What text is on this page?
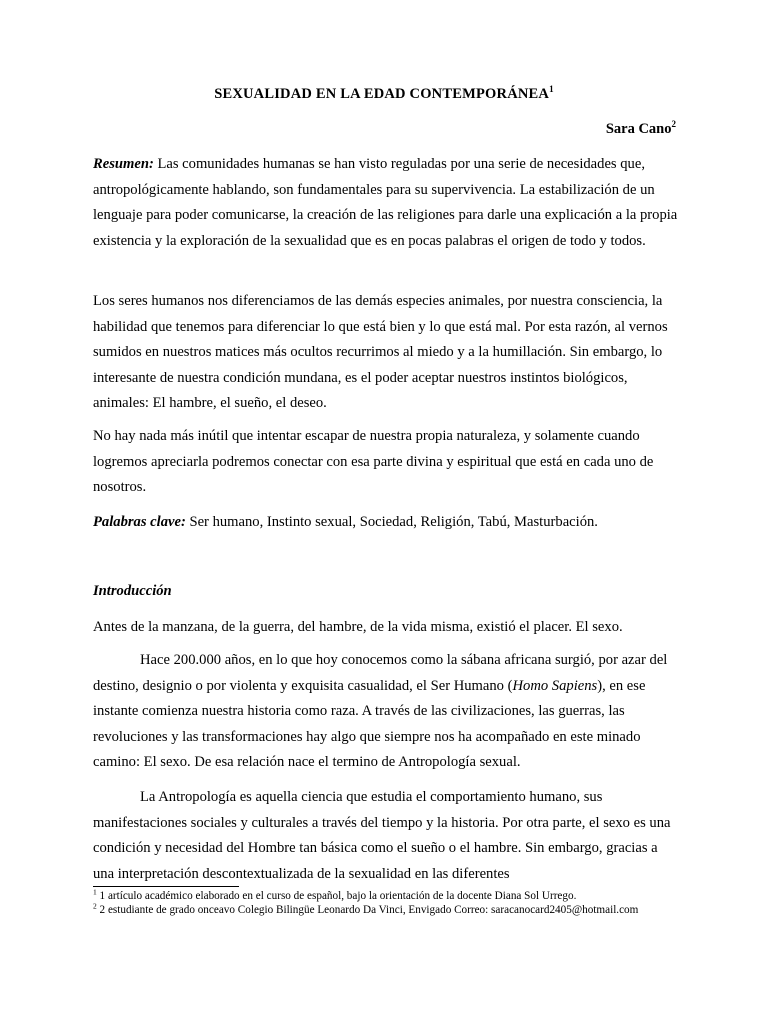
SEXUALIDAD EN LA EDAD CONTEMPORÁNEA$^1$
Sara Cano$^2$

Resumen: Las comunidades humanas se han visto reguladas por una serie de necesidades que, antropológicamente hablando, son fundamentales para su supervivencia. La estabilización de un lenguaje para poder comunicarse, la creación de las religiones para darle una explicación a la propia existencia y la exploración de la sexualidad que es en pocas palabras el origen de todo y todos.

Los seres humanos nos diferenciamos de las demás especies animales, por nuestra consciencia, la habilidad que tenemos para diferenciar lo que está bien y lo que está mal. Por esta razón, al vernos sumidos en nuestros matices más ocultos recurrimos al miedo y a la humillación. Sin embargo, lo interesante de nuestra condición mundana, es el poder aceptar nuestros instintos biológicos, animales: El hambre, el sueño, el deseo.

No hay nada más inútil que intentar escapar de nuestra propia naturaleza, y solamente cuando logremos apreciarla podremos conectar con esa parte divina y espiritual que está en cada uno de nosotros.

Palabras clave: Ser humano, Instinto sexual, Sociedad, Religión, Tabú, Masturbación.

Introducción

Antes de la manzana, de la guerra, del hambre, de la vida misma, existió el placer. El sexo.

Hace 200.000 años, en lo que hoy conocemos como la sábana africana surgió, por azar del destino, designio o por violenta y exquisita casualidad, el Ser Humano (Homo Sapiens), en ese instante comienza nuestra historia como raza. A través de las civilizaciones, las guerras, las revoluciones y las transformaciones hay algo que siempre nos ha acompañado en este minado camino: El sexo. De esa relación nace el termino de Antropología sexual.

La Antropología es aquella ciencia que estudia el comportamiento humano, sus manifestaciones sociales y culturales a través del tiempo y la historia. Por otra parte, el sexo es una condición y necesidad del Hombre tan básica como el sueño o el hambre. Sin embargo, gracias a una interpretación descontextualizada de la sexualidad en las diferentes

$^1$ 1 artículo académico elaborado en el curso de español, bajo la orientación de la docente Diana Sol Urrego.

$^2$ 2 estudiante de grado onceavo Colegio Bilingüe Leonardo Da Vinci, Envigado Correo: saracanocard2405@hotmail.com
